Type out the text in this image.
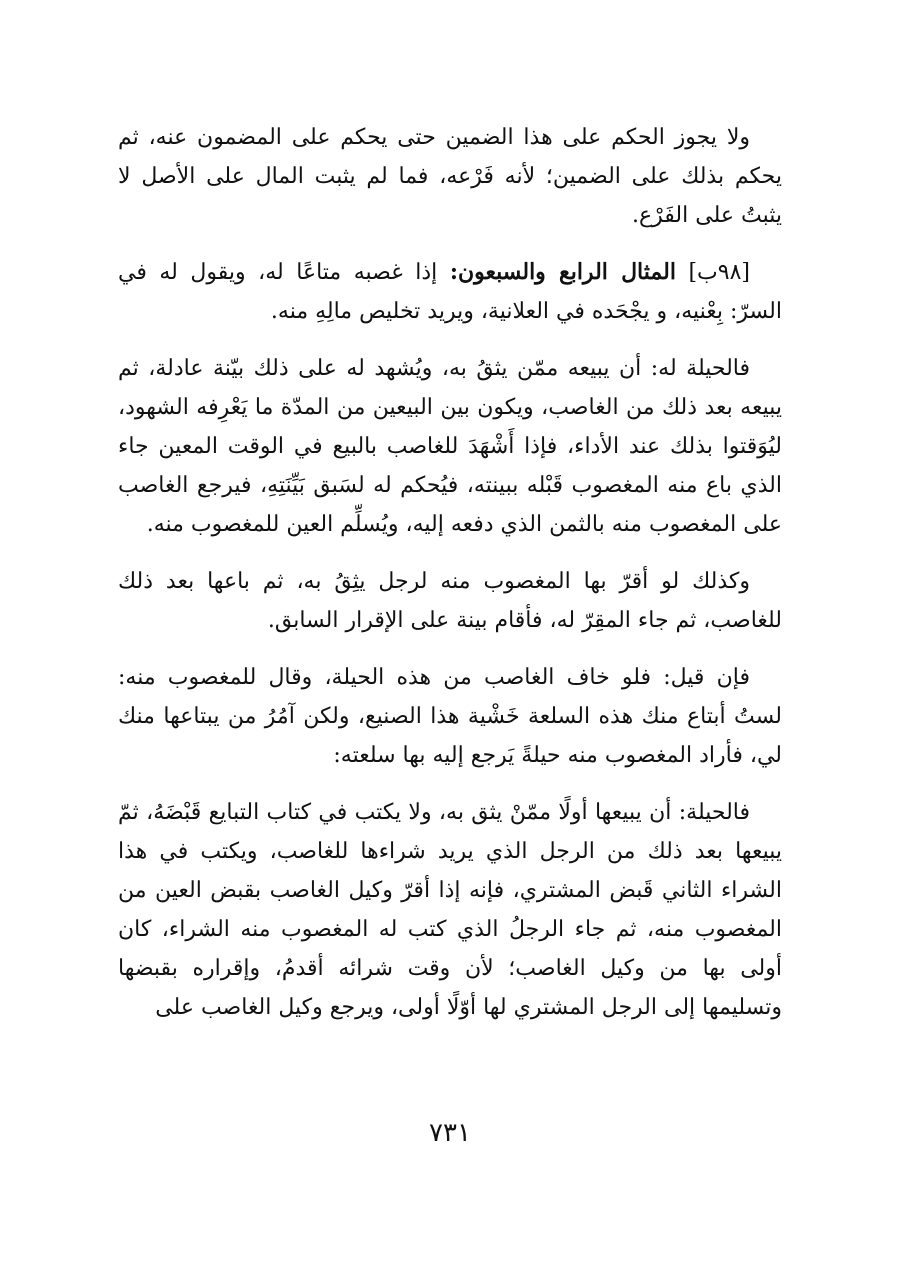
ولا يجوز الحكم على هذا الضمين حتى يحكم على المضمون عنه، ثم يحكم بذلك على الضمين؛ لأنه فَرْعه، فما لم يثبت المال على الأصل لا يثبتُ على الفَرْع.

[٩٨ب] المثال الرابع والسبعون: إذا غصبه متاعًا له، ويقول له في السرّ: بِعْنيه، و يجْحَده في العلانية، ويريد تخليص مالِهِ منه.

فالحيلة له: أن يبيعه ممّن يثقُ به، ويُشهد له على ذلك بيّنة عادلة، ثم يبيعه بعد ذلك من الغاصب، ويكون بين البيعين من المدّة ما يَعْرِفه الشهود، ليُوَقتوا بذلك عند الأداء، فإذا أَشْهَدَ للغاصب بالبيع في الوقت المعين جاء الذي باع منه المغصوب قَبْله ببينته، فيُحكم له لسَبق بَيِّنَتِهِ، فيرجع الغاصب على المغصوب منه بالثمن الذي دفعه إليه، ويُسلِّم العين للمغصوب منه.

وكذلك لو أقرّ بها المغصوب منه لرجل يثِقُ به، ثم باعها بعد ذلك للغاصب، ثم جاء المقِرّ له، فأقام بينة على الإقرار السابق.

فإن قيل: فلو خاف الغاصب من هذه الحيلة، وقال للمغصوب منه: لستُ أبتاع منك هذه السلعة خَشْية هذا الصنيع، ولكن آمُرُ من يبتاعها منك لي، فأراد المغصوب منه حيلةً يَرجع إليه بها سلعته:

فالحيلة: أن يبيعها أولًا ممّنْ يثق به، ولا يكتب في كتاب التبايع قَبْضَهُ، ثمّ يبيعها بعد ذلك من الرجل الذي يريد شراءها للغاصب، ويكتب في هذا الشراء الثاني قَبض المشتري، فإنه إذا أقرّ وكيل الغاصب بقبض العين من المغصوب منه، ثم جاء الرجلُ الذي كتب له المغصوب منه الشراء، كان أولى بها من وكيل الغاصب؛ لأن وقت شرائه أقدمُ، وإقراره بقبضها وتسليمها إلى الرجل المشتري لها أوّلًا أولى، ويرجع وكيل الغاصب على

٧٣١
